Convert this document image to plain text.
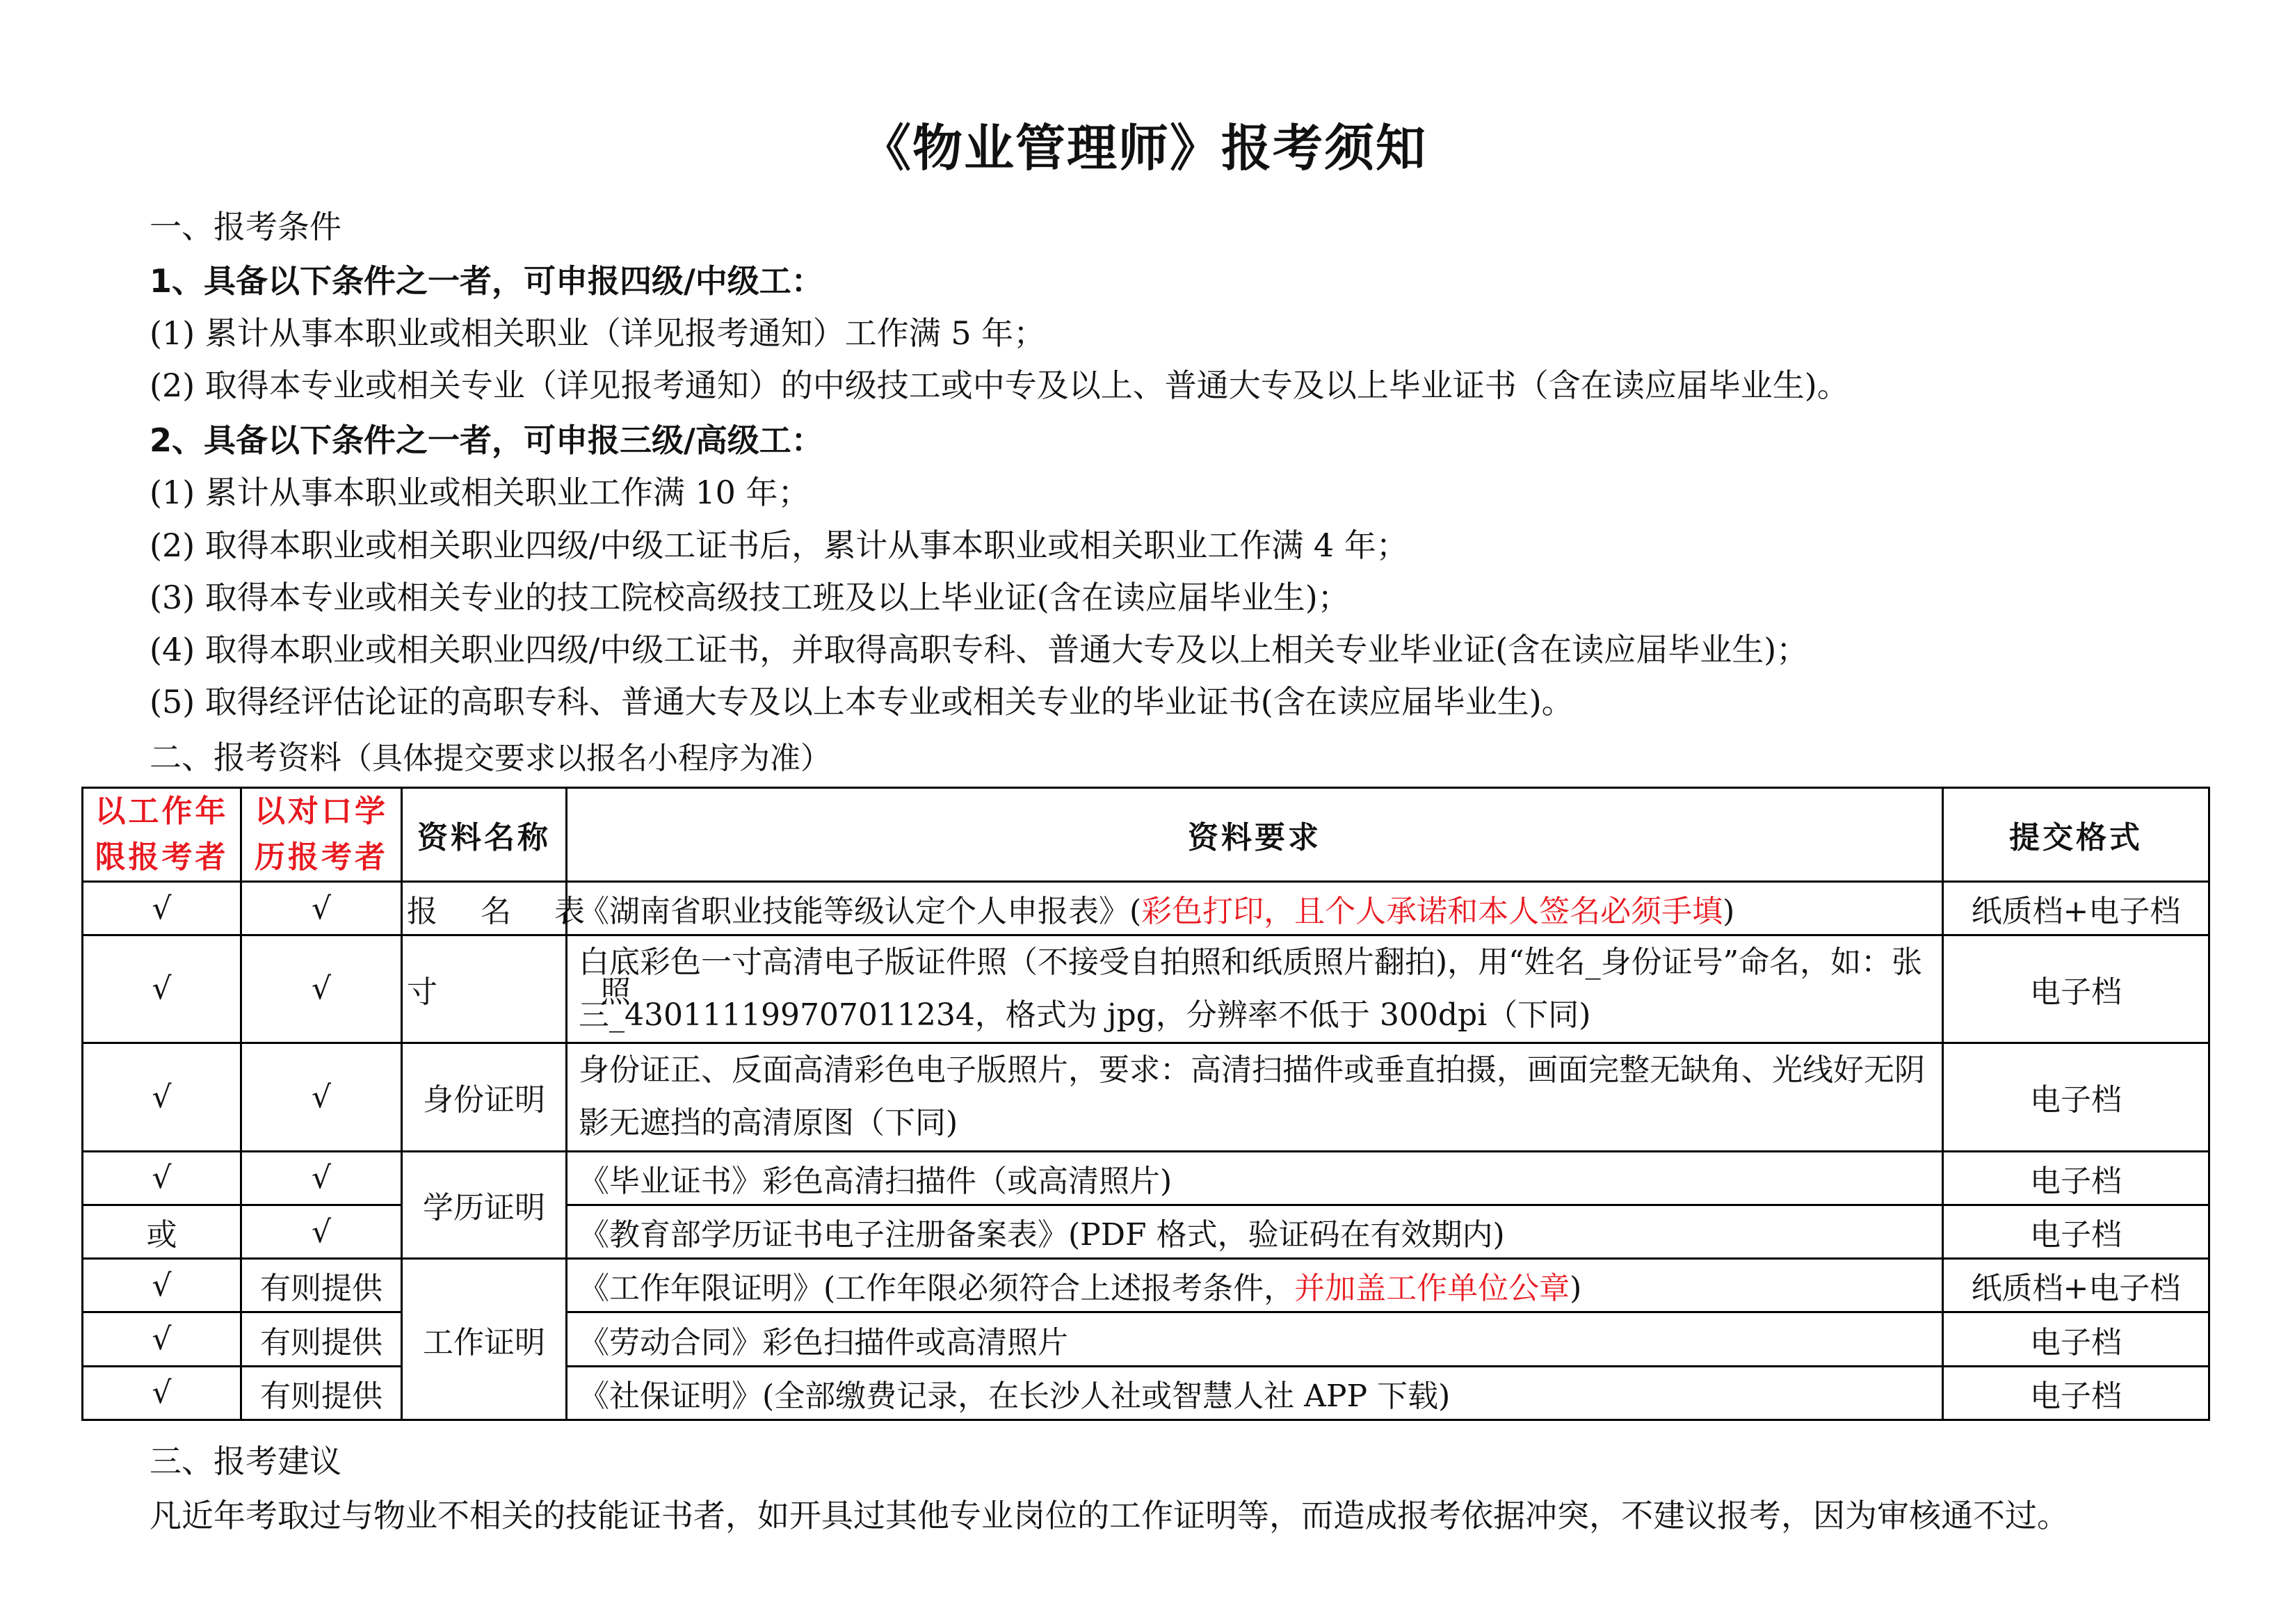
《物业管理师》报考须知
一、报考条件
1、具备以下条件之一者，可申报四级/中级工：
(1) 累计从事本职业或相关职业（详见报考通知）工作满 5 年；
(2) 取得本专业或相关专业（详见报考通知）的中级技工或中专及以上、普通大专及以上毕业证书（含在读应届毕业生)。
2、具备以下条件之一者，可申报三级/高级工：
(1) 累计从事本职业或相关职业工作满 10 年；
(2) 取得本职业或相关职业四级/中级工证书后，累计从事本职业或相关职业工作满 4 年；
(3) 取得本专业或相关专业的技工院校高级技工班及以上毕业证(含在读应届毕业生)；
(4) 取得本职业或相关职业四级/中级工证书，并取得高职专科、普通大专及以上相关专业毕业证(含在读应届毕业生)；
(5) 取得经评估论证的高职专科、普通大专及以上本专业或相关专业的毕业证书(含在读应届毕业生)。
二、报考资料（具体提交要求以报名小程序为准）
以工作年限报考者	以对口学历报考者	资料名称	资料要求	提交格式
√	√	报 名 表	《湖南省职业技能等级认定个人申报表》(彩色打印，且个人承诺和本人签名必须手填)	纸质档+电子档
√	√	寸 照	白底彩色一寸高清电子版证件照（不接受自拍照和纸质照片翻拍)，用“姓名_身份证号”命名，如：张三_430111199707011234，格式为 jpg，分辨率不低于 300dpi（下同)	电子档
√	√	身份证明	身份证正、反面高清彩色电子版照片，要求：高清扫描件或垂直拍摄，画面完整无缺角、光线好无阴影无遮挡的高清原图（下同)	电子档
√	√	学历证明	《毕业证书》彩色高清扫描件（或高清照片)	电子档
或	√		《教育部学历证书电子注册备案表》(PDF 格式，验证码在有效期内)	电子档
√	有则提供	工作证明	《工作年限证明》(工作年限必须符合上述报考条件，并加盖工作单位公章)	纸质档+电子档
√	有则提供		《劳动合同》彩色扫描件或高清照片	电子档
√	有则提供		《社保证明》(全部缴费记录，在长沙人社或智慧人社 APP 下载)	电子档
三、报考建议
凡近年考取过与物业不相关的技能证书者，如开具过其他专业岗位的工作证明等，而造成报考依据冲突，不建议报考，因为审核通不过。
